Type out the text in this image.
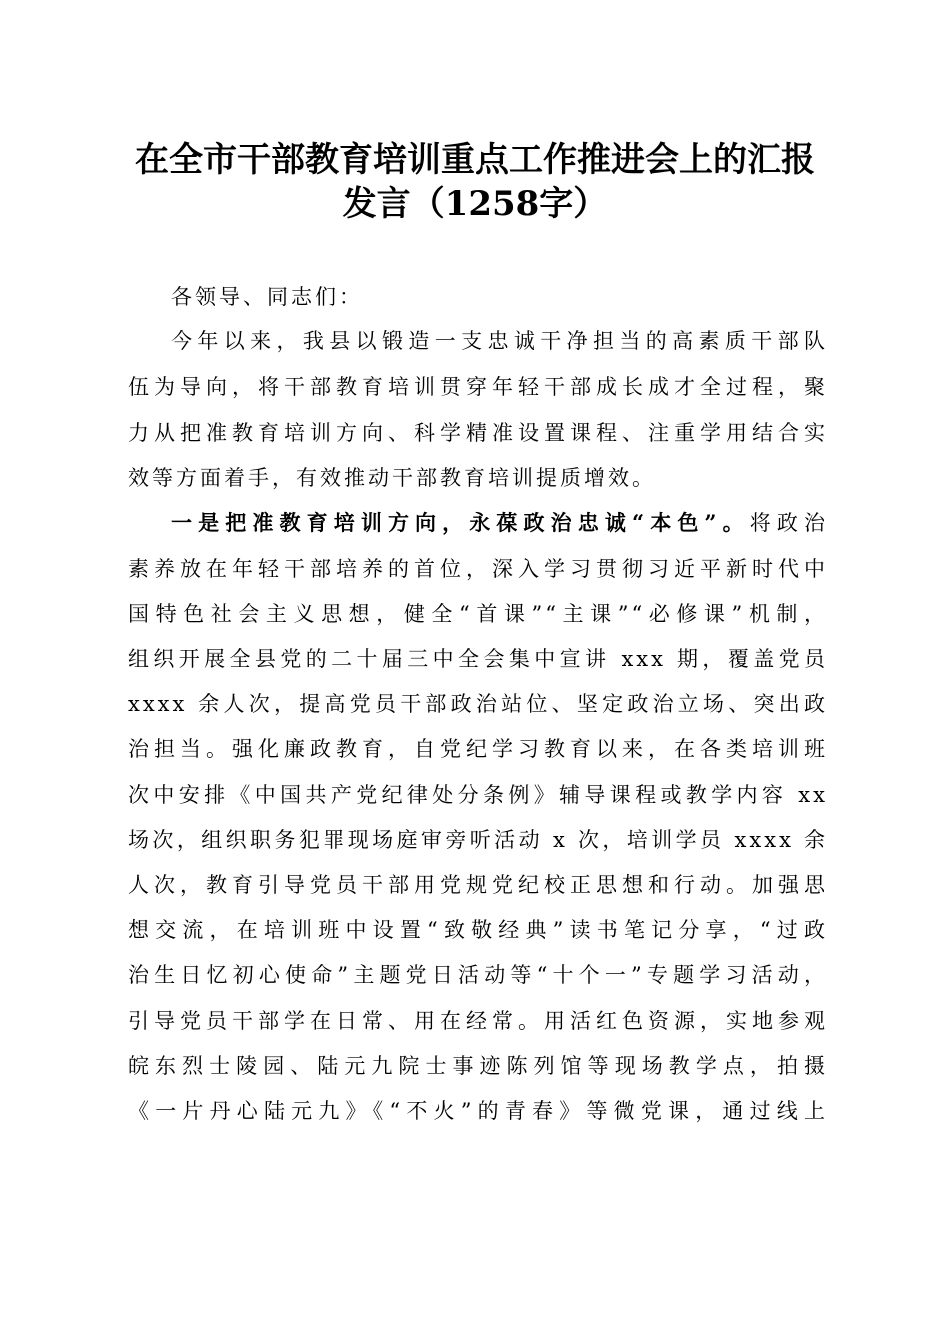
在全市干部教育培训重点工作推进会上的汇报
发言（1258字）
各领导、同志们：
今年以来，我县以锻造一支忠诚干净担当的高素质干部队
伍为导向，将干部教育培训贯穿年轻干部成长成才全过程，聚
力从把准教育培训方向、科学精准设置课程、注重学用结合实
效等方面着手，有效推动干部教育培训提质增效。
一是把准教育培训方向，永葆政治忠诚“本色”。将政治
素养放在年轻干部培养的首位，深入学习贯彻习近平新时代中
国特色社会主义思想，健全“首课”“主课”“必修课”机制，
组织开展全县党的二十届三中全会集中宣讲 xxx 期，覆盖党员
xxxx 余人次，提高党员干部政治站位、坚定政治立场、突出政
治担当。强化廉政教育，自党纪学习教育以来，在各类培训班
次中安排《中国共产党纪律处分条例》辅导课程或教学内容 xx
场次，组织职务犯罪现场庭审旁听活动 x 次，培训学员 xxxx 余
人次，教育引导党员干部用党规党纪校正思想和行动。加强思
想交流，在培训班中设置“致敬经典”读书笔记分享，“过政
治生日忆初心使命”主题党日活动等“十个一”专题学习活动，
引导党员干部学在日常、用在经常。用活红色资源，实地参观
皖东烈士陵园、陆元九院士事迹陈列馆等现场教学点，拍摄
《一片丹心陆元九》《“不火”的青春》等微党课，通过线上
